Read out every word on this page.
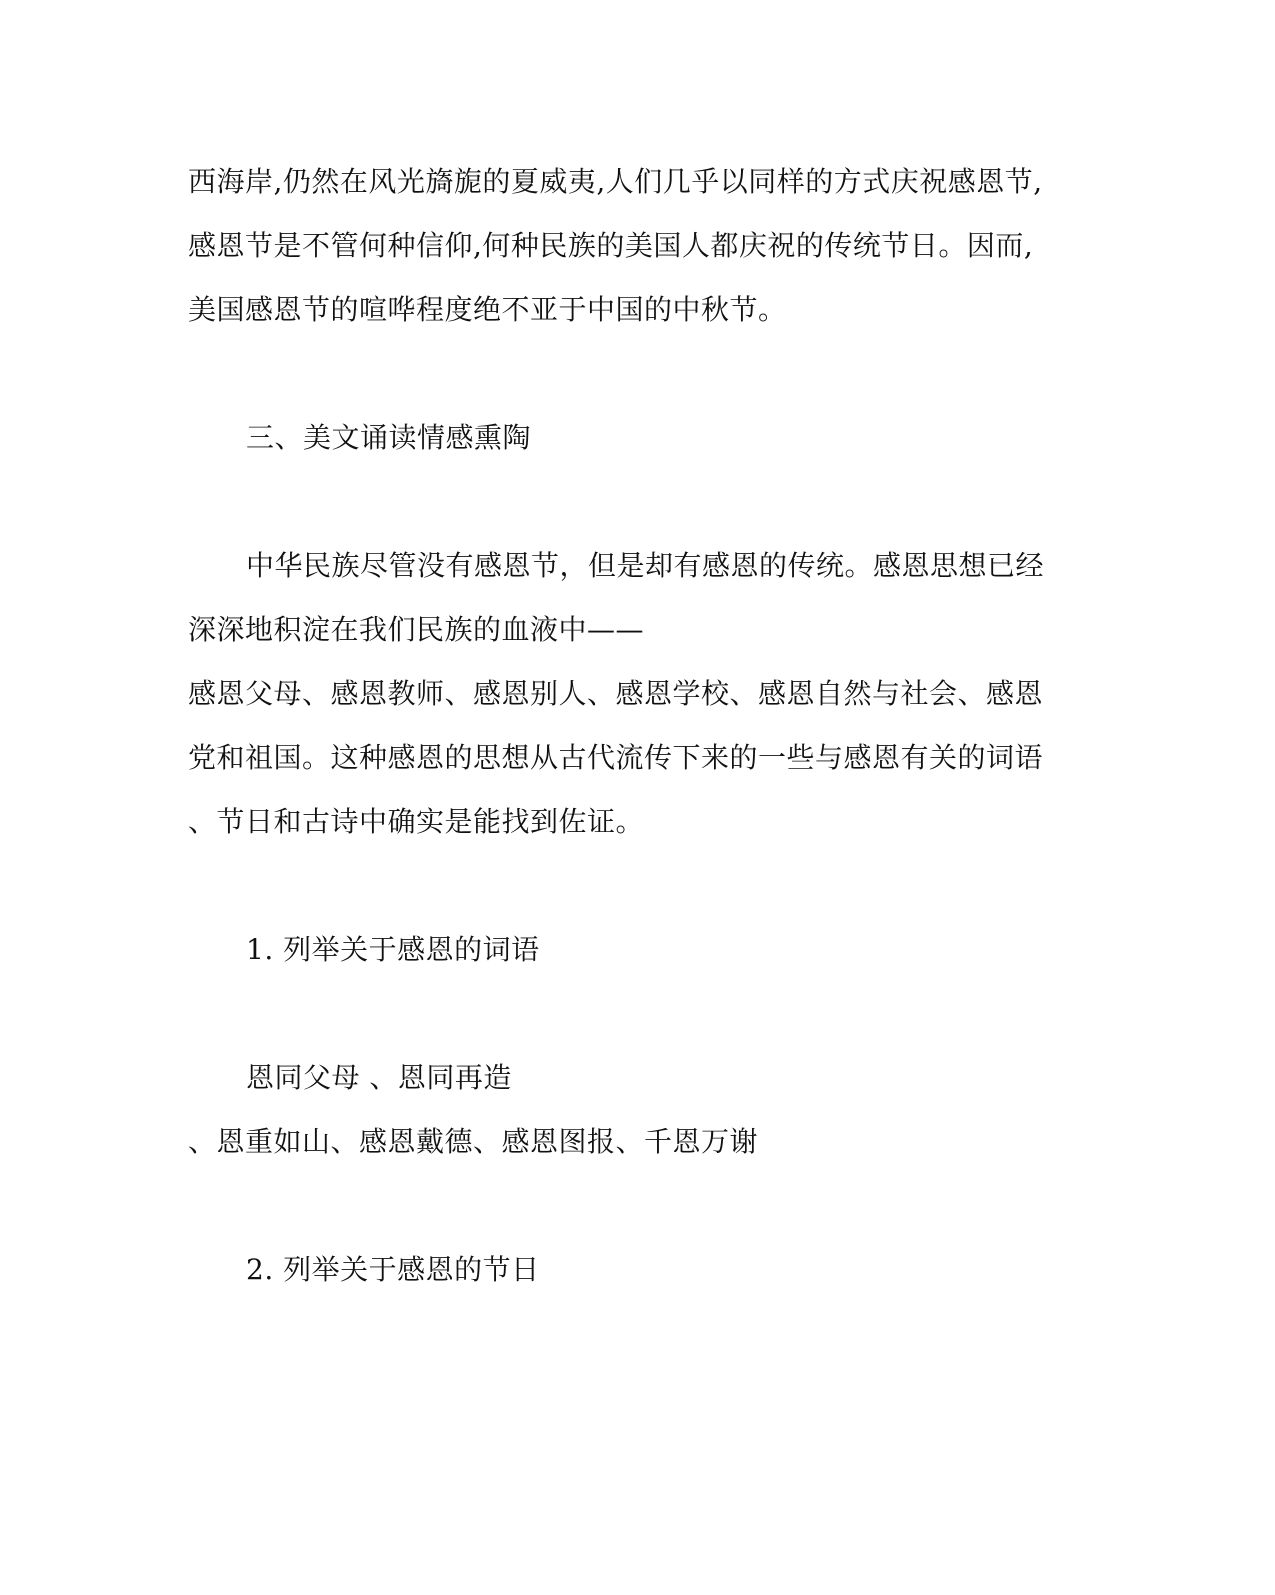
西海岸,仍然在风光旖旎的夏威夷,人们几乎以同样的方式庆祝感恩节,
感恩节是不管何种信仰,何种民族的美国人都庆祝的传统节日。因而,
美国感恩节的喧哗程度绝不亚于中国的中秋节。
三、美文诵读情感熏陶
中华民族尽管没有感恩节，但是却有感恩的传统。感恩思想已经
深深地积淀在我们民族的血液中——
感恩父母、感恩教师、感恩别人、感恩学校、感恩自然与社会、感恩
党和祖国。这种感恩的思想从古代流传下来的一些与感恩有关的词语
、节日和古诗中确实是能找到佐证。
1. 列举关于感恩的词语
恩同父母 、恩同再造
、恩重如山、感恩戴德、感恩图报、千恩万谢
2. 列举关于感恩的节日
